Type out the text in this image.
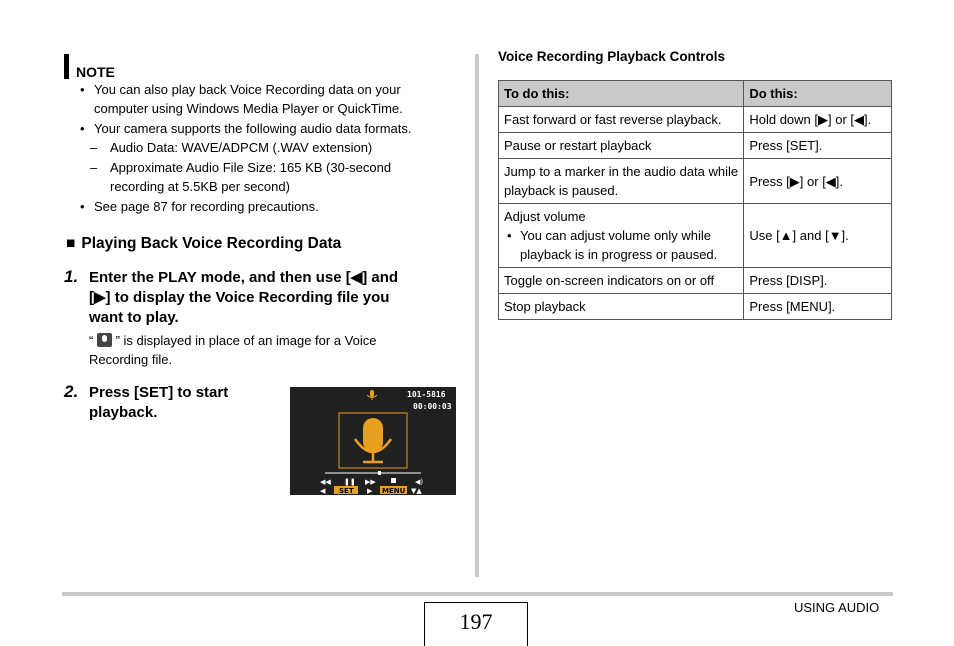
NOTE
• You can also play back Voice Recording data on your
computer using Windows Media Player or QuickTime.
• Your camera supports the following audio data formats.
– Audio Data: WAVE/ADPCM (.WAV extension)
– Approximate Audio File Size: 165 KB (30-second
recording at 5.5KB per second)
• See page 87 for recording precautions.
■ Playing Back Voice Recording Data
1. Enter the PLAY mode, and then use [◀] and
[▶] to display the Voice Recording file you
want to play.
“ ” is displayed in place of an image for a Voice
Recording file.
2. Press [SET] to start
playback.
101-5816
00:00:03
◀◀ ❚❚ ▶▶	◀)
◀ SET ▶ MENU ▼▲
Voice Recording Playback Controls
To do this:	Do this:
Fast forward or fast reverse playback.	Hold down [▶] or [◀].
Pause or restart playback	Press [SET].
Jump to a marker in the audio data while playback is paused.	Press [▶] or [◀].

Adjust volume
• You can adjust volume only while
playback is in progress or paused.	Use [▲] and [▼].
Toggle on-screen indicators on or off	Press [DISP].
Stop playback	Press [MENU].
197
USING AUDIO
